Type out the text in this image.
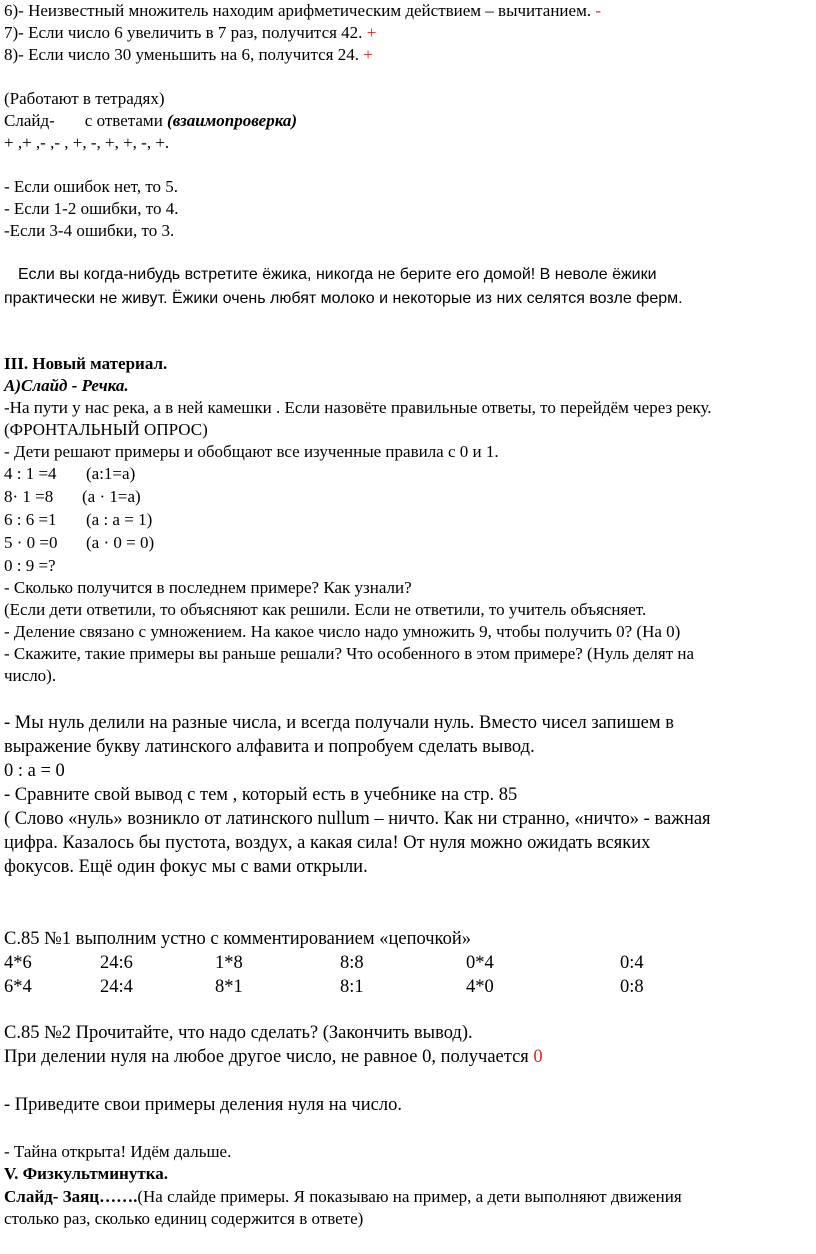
6)- Неизвестный множитель находим арифметическим действием – вычитанием. -
7)- Если число 6 увеличить в 7 раз, получится 42. +
8)- Если число 30 уменьшить на 6, получится 24. +
(Работают в тетрадях)
Слайд- с ответами (взаимопроверка)
+ ,+ ,- ,- , +, -, +, +, -, +.
- Если ошибок нет, то 5.
- Если 1-2 ошибки, то 4.
-Если 3-4 ошибки, то 3.
Если вы когда-нибудь встретите ёжика, никогда не берите его домой! В неволе ёжики
практически не живут. Ёжики очень любят молоко и некоторые из них селятся возле ферм.
III. Новый материал.
А)Слайд - Речка.
-На пути у нас река, а в ней камешки . Если назовёте правильные ответы, то перейдём через реку.
(ФРОНТАЛЬНЫЙ ОПРОС)
- Дети решают примеры и обобщают все изученные правила с 0 и 1.
4 : 1 =4 (а:1=а)
8· 1 =8 (а · 1=а)
6 : 6 =1 (а : а = 1)
5 · 0 =0 (а · 0 = 0)
0 : 9 =?
- Сколько получится в последнем примере? Как узнали?
(Если дети ответили, то объясняют как решили. Если не ответили, то учитель объясняет.
- Деление связано с умножением. На какое число надо умножить 9, чтобы получить 0? (На 0)
- Скажите, такие примеры вы раньше решали? Что особенного в этом примере? (Нуль делят на
число).
- Мы нуль делили на разные числа, и всегда получали нуль. Вместо чисел запишем в
выражение букву латинского алфавита и попробуем сделать вывод.
0 : а = 0
- Сравните свой вывод с тем , который есть в учебнике на стр. 85
( Слово «нуль» возникло от латинского nullum – ничто. Как ни странно, «ничто» - важная
цифра. Казалось бы пустота, воздух, а какая сила! От нуля можно ожидать всяких
фокусов. Ещё один фокус мы с вами открыли.
С.85 №1 выполним устно с комментированием «цепочкой»
4*6	24:6	1*8	8:8	0*4	0:4
6*4	24:4	8*1	8:1	4*0	0:8
С.85 №2 Прочитайте, что надо сделать? (Закончить вывод).
При делении нуля на любое другое число, не равное 0, получается 0
- Приведите свои примеры деления нуля на число.
- Тайна открыта! Идём дальше.
V. Физкультминутка.
Слайд- Заяц…….(На слайде примеры. Я показываю на пример, а дети выполняют движения
столько раз, сколько единиц содержится в ответе)
